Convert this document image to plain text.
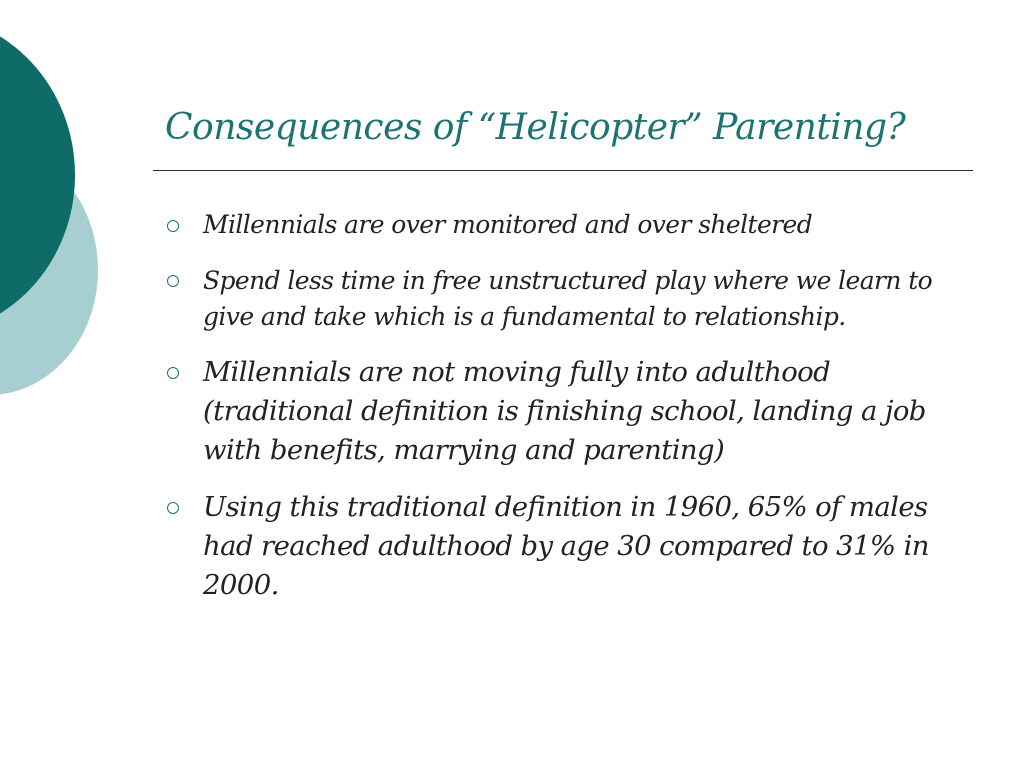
Consequences of “Helicopter” Parenting?
Millennials are over monitored and over sheltered
Spend less time in free unstructured play where we learn to give and take which is a fundamental to relationship.
Millennials are not moving fully into adulthood (traditional definition is finishing school, landing a job with benefits, marrying and parenting)
Using this traditional definition in 1960, 65% of males had reached adulthood by age 30 compared to 31% in 2000.
